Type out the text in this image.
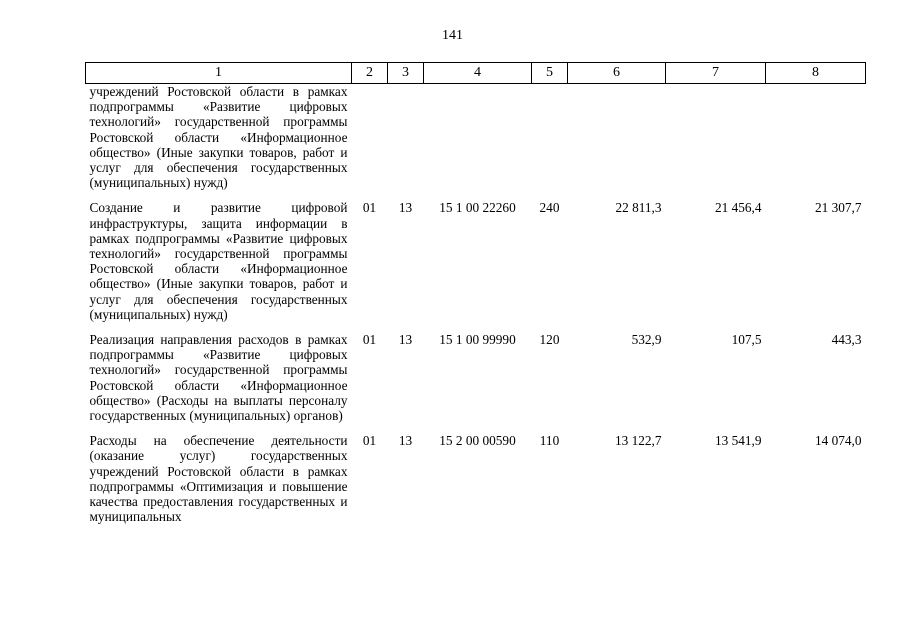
141
1	2	3	4	5	6	7	8
учреждений Ростовской области в рамках подпрограммы «Развитие цифровых технологий» государственной программы Ростовской области «Информационное общество» (Иные закупки товаров, работ и услуг для обеспечения государственных (муниципальных) нужд)							
Создание и развитие цифровой инфраструктуры, защита информации в рамках подпрограммы «Развитие цифровых технологий» государственной программы Ростовской области «Информационное общество» (Иные закупки товаров, работ и услуг для обеспечения государственных (муниципальных) нужд)	01	13	15 1 00 22260	240	22 811,3	21 456,4	21 307,7
Реализация направления расходов в рамках подпрограммы «Развитие цифровых технологий» государственной программы Ростовской области «Информационное общество» (Расходы на выплаты персоналу государственных (муниципальных) органов)	01	13	15 1 00 99990	120	532,9	107,5	443,3
Расходы на обеспечение деятельности (оказание услуг) государственных учреждений Ростовской области в рамках подпрограммы «Оптимизация и повышение качества предоставления государственных и муниципальных	01	13	15 2 00 00590	110	13 122,7	13 541,9	14 074,0
